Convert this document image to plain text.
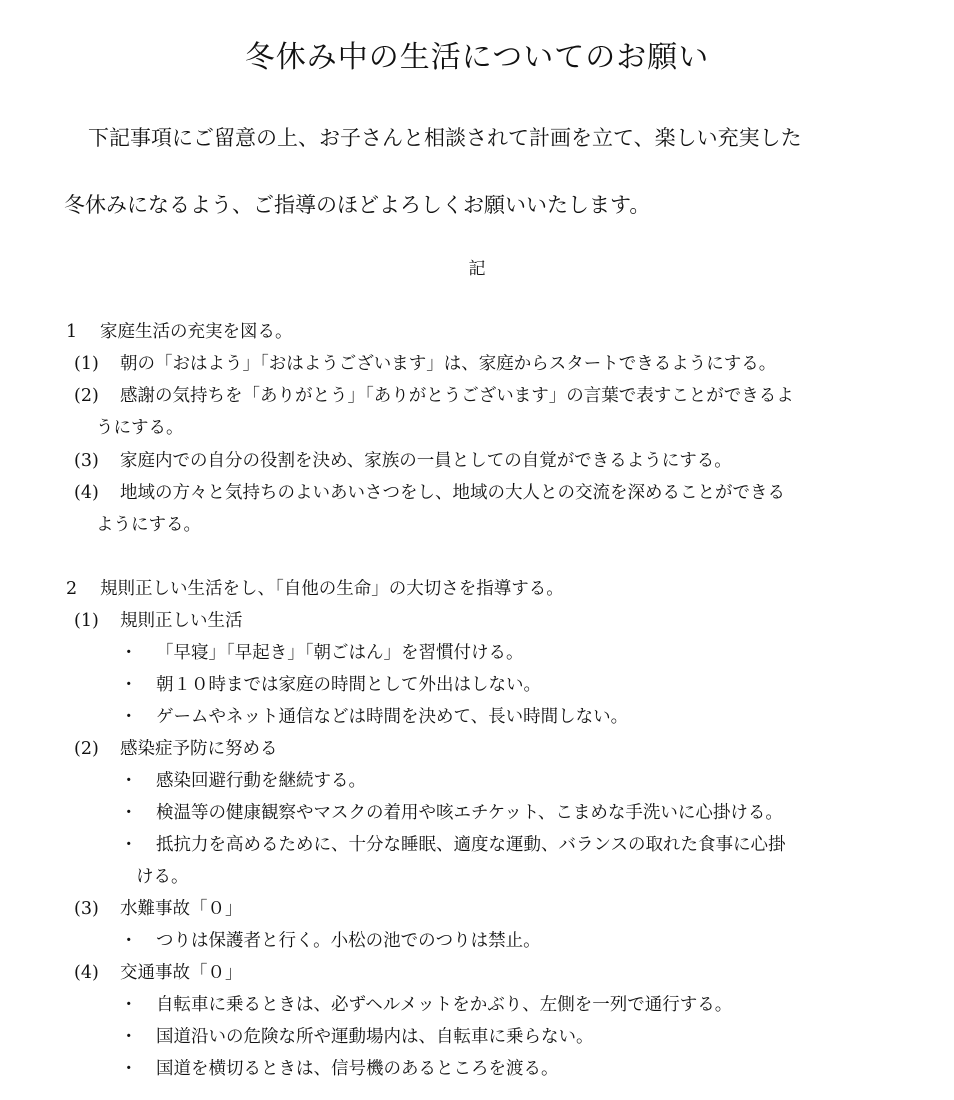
冬休み中の生活についてのお願い
下記事項にご留意の上、お子さんと相談されて計画を立て、楽しい充実した
冬休みになるよう、ご指導のほどよろしくお願いいたします。
記
1 家庭生活の充実を図る。
(1) 朝の「おはよう」「おはようございます」は、家庭からスタートできるようにする。
(2) 感謝の気持ちを「ありがとう」「ありがとうございます」の言葉で表すことができるよ
うにする。
(3) 家庭内での自分の役割を決め、家族の一員としての自覚ができるようにする。
(4) 地域の方々と気持ちのよいあいさつをし、地域の大人との交流を深めることができる
ようにする。
2 規則正しい生活をし、「自他の生命」の大切さを指導する。
(1) 規則正しい生活
・ 「早寝」「早起き」「朝ごはん」を習慣付ける。
・ 朝１０時までは家庭の時間として外出はしない。
・ ゲームやネット通信などは時間を決めて、長い時間しない。
(2) 感染症予防に努める
・ 感染回避行動を継続する。
・ 検温等の健康観察やマスクの着用や咳エチケット、こまめな手洗いに心掛ける。
・ 抵抗力を高めるために、十分な睡眠、適度な運動、バランスの取れた食事に心掛
ける。
(3) 水難事故「０」
・ つりは保護者と行く。小松の池でのつりは禁止。
(4) 交通事故「０」
・ 自転車に乗るときは、必ずヘルメットをかぶり、左側を一列で通行する。
・ 国道沿いの危険な所や運動場内は、自転車に乗らない。
・ 国道を横切るときは、信号機のあるところを渡る。
